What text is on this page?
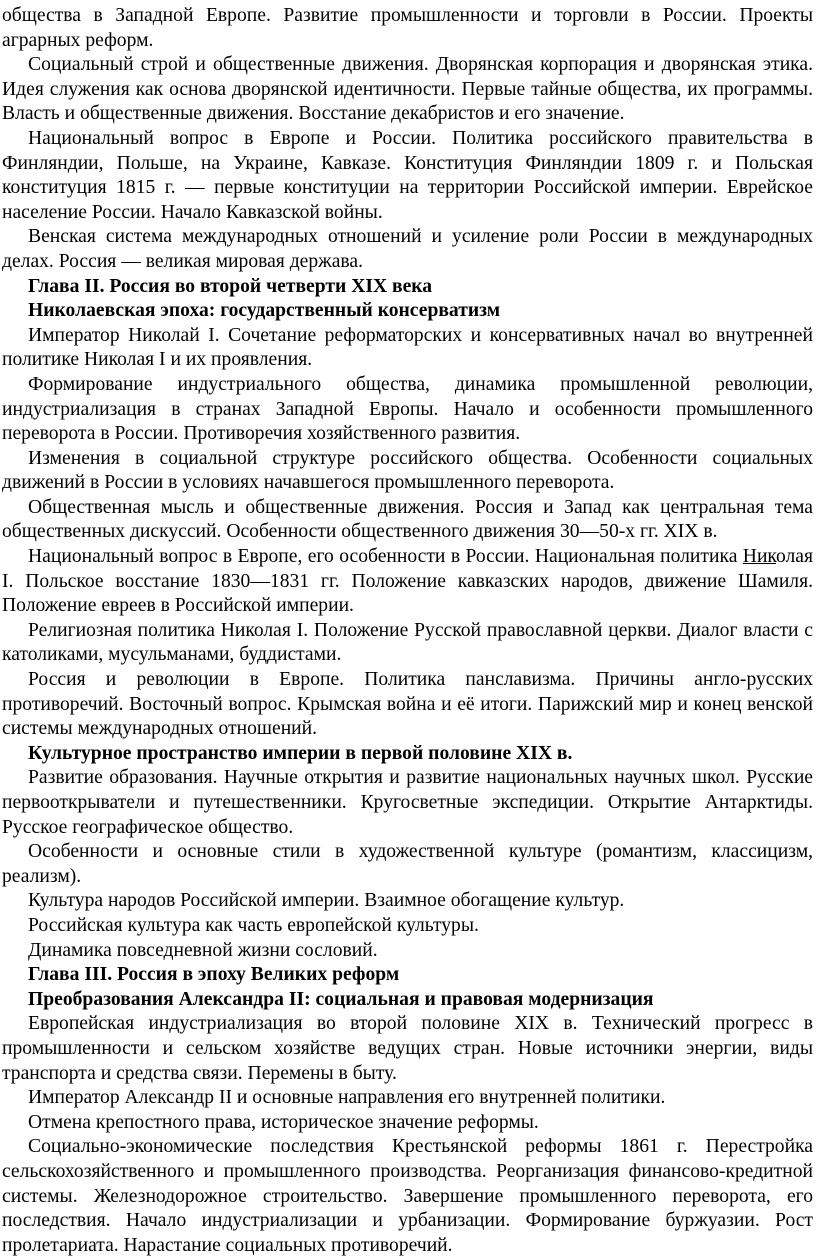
общества в Западной Европе. Развитие промышленности и торговли в России. Проекты аграрных реформ.

Социальный строй и общественные движения. Дворянская корпорация и дворянская этика. Идея служения как основа дворянской идентичности. Первые тайные общества, их программы. Власть и общественные движения. Восстание декабристов и его значение.

Национальный вопрос в Европе и России. Политика российского правительства в Финляндии, Польше, на Украине, Кавказе. Конституция Финляндии 1809 г. и Польская конституция 1815 г. — первые конституции на территории Российской империи. Еврейское население России. Начало Кавказской войны.

Венская система международных отношений и усиление роли России в международных делах. Россия — великая мировая держава.

Глава II. Россия во второй четверти XIX века

Николаевская эпоха: государственный консерватизм

Император Николай I. Сочетание реформаторских и консервативных начал во внутренней политике Николая I и их проявления.

Формирование индустриального общества, динамика промышленной революции, индустриализация в странах Западной Европы. Начало и особенности промышленного переворота в России. Противоречия хозяйственного развития.

Изменения в социальной структуре российского общества. Особенности социальных движений в России в условиях начавшегося промышленного переворота.

Общественная мысль и общественные движения. Россия и Запад как центральная тема общественных дискуссий. Особенности общественного движения 30—50-х гг. XIX в.

Национальный вопрос в Европе, его особенности в России. Национальная политика Николая I. Польское восстание 1830—1831 гг. Положение кавказских народов, движение Шамиля. Положение евреев в Российской империи.

Религиозная политика Николая I. Положение Русской православной церкви. Диалог власти с католиками, мусульманами, буддистами.

Россия и революции в Европе. Политика панславизма. Причины англо-русских противоречий. Восточный вопрос. Крымская война и её итоги. Парижский мир и конец венской системы международных отношений.

Культурное пространство империи в первой половине XIX в.

Развитие образования. Научные открытия и развитие национальных научных школ. Русские первооткрыватели и путешественники. Кругосветные экспедиции. Открытие Антарктиды. Русское географическое общество.

Особенности и основные стили в художественной культуре (романтизм, классицизм, реализм).

Культура народов Российской империи. Взаимное обогащение культур.

Российская культура как часть европейской культуры.

Динамика повседневной жизни сословий.

Глава III. Россия в эпоху Великих реформ

Преобразования Александра II: социальная и правовая модернизация

Европейская индустриализация во второй половине XIX в. Технический прогресс в промышленности и сельском хозяйстве ведущих стран. Новые источники энергии, виды транспорта и средства связи. Перемены в быту.

Император Александр II и основные направления его внутренней политики.

Отмена крепостного права, историческое значение реформы.

Социально-экономические последствия Крестьянской реформы 1861 г. Перестройка сельскохозяйственного и промышленного производства. Реорганизация финансово-кредитной системы. Железнодорожное строительство. Завершение промышленного переворота, его последствия. Начало индустриализации и урбанизации. Формирование буржуазии. Рост пролетариата. Нарастание социальных противоречий.
